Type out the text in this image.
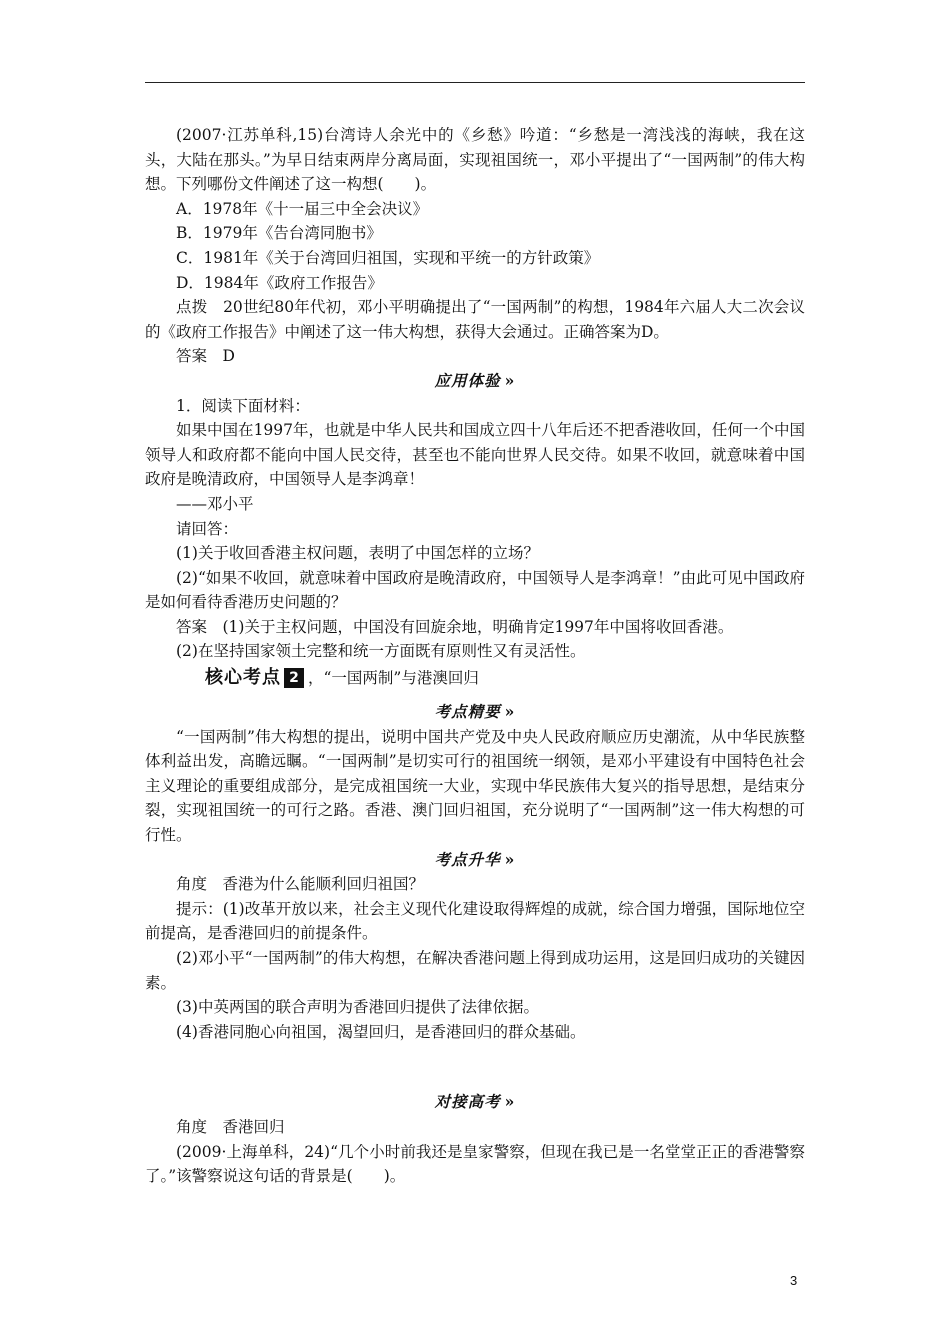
(2007·江苏单科,15)台湾诗人余光中的《乡愁》吟道：“乡愁是一湾浅浅的海峡，我在这头，大陆在那头。”为早日结束两岸分离局面，实现祖国统一，邓小平提出了“一国两制”的伟大构想。下列哪份文件阐述了这一构想(　　)。

A．1978年《十一届三中全会决议》

B．1979年《告台湾同胞书》

C．1981年《关于台湾回归祖国，实现和平统一的方针政策》

D．1984年《政府工作报告》

点拨　20世纪80年代初，邓小平明确提出了“一国两制”的构想，1984年六届人大二次会议的《政府工作报告》中阐述了这一伟大构想，获得大会通过。正确答案为D。

答案　D

应用体验 »

1．阅读下面材料：

如果中国在1997年，也就是中华人民共和国成立四十八年后还不把香港收回，任何一个中国领导人和政府都不能向中国人民交待，甚至也不能向世界人民交待。如果不收回，就意味着中国政府是晚清政府，中国领导人是李鸿章！

——邓小平

请回答：

(1)关于收回香港主权问题，表明了中国怎样的立场？

(2)“如果不收回，就意味着中国政府是晚清政府，中国领导人是李鸿章！”由此可见中国政府是如何看待香港历史问题的？

答案　(1)关于主权问题，中国没有回旋余地，明确肯定1997年中国将收回香港。

(2)在坚持国家领土完整和统一方面既有原则性又有灵活性。

核心考点 2 ，“一国两制”与港澳回归

考点精要 »

“一国两制”伟大构想的提出，说明中国共产党及中央人民政府顺应历史潮流，从中华民族整体利益出发，高瞻远瞩。“一国两制”是切实可行的祖国统一纲领，是邓小平建设有中国特色社会主义理论的重要组成部分，是完成祖国统一大业，实现中华民族伟大复兴的指导思想，是结束分裂，实现祖国统一的可行之路。香港、澳门回归祖国，充分说明了“一国两制”这一伟大构想的可行性。

考点升华 »

角度　香港为什么能顺利回归祖国？

提示：(1)改革开放以来，社会主义现代化建设取得辉煌的成就，综合国力增强，国际地位空前提高，是香港回归的前提条件。

(2)邓小平“一国两制”的伟大构想，在解决香港问题上得到成功运用，这是回归成功的关键因素。

(3)中英两国的联合声明为香港回归提供了法律依据。

(4)香港同胞心向祖国，渴望回归，是香港回归的群众基础。

对接高考 »

角度　香港回归

(2009·上海单科，24)“几个小时前我还是皇家警察，但现在我已是一名堂堂正正的香港警察了。”该警察说这句话的背景是(　　)。

3
